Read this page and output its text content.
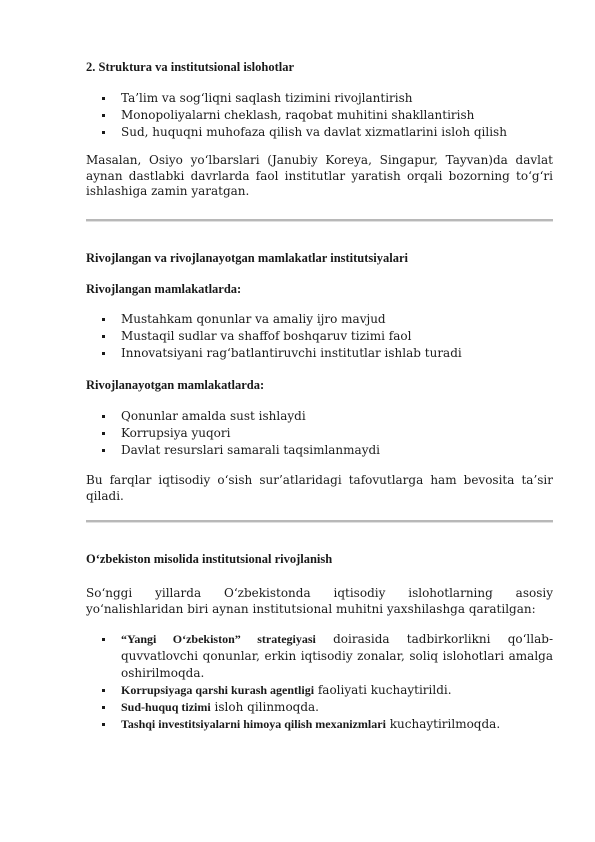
2. Struktura va institutsional islohotlar
Ta’lim va sog‘liqni saqlash tizimini rivojlantirish
Monopoliyalarni cheklash, raqobat muhitini shakllantirish
Sud, huquqni muhofaza qilish va davlat xizmatlarini isloh qilish

Masalan, Osiyo yo‘lbarslari (Janubiy Koreya, Singapur, Tayvan)da davlat aynan dastlabki davrlarda faol institutlar yaratish orqali bozorning to‘g‘ri ishlashiga zamin yaratgan.

Rivojlangan va rivojlanayotgan mamlakatlar institutsiyalari
Rivojlangan mamlakatlarda:
Mustahkam qonunlar va amaliy ijro mavjud
Mustaqil sudlar va shaffof boshqaruv tizimi faol
Innovatsiyani rag‘batlantiruvchi institutlar ishlab turadi
Rivojlanayotgan mamlakatlarda:
Qonunlar amalda sust ishlaydi
Korrupsiya yuqori
Davlat resurslari samarali taqsimlanmaydi

Bu farqlar iqtisodiy o‘sish sur’atlaridagi tafovutlarga ham bevosita ta’sir qiladi.

O‘zbekiston misolida institutsional rivojlanish

So‘nggi yillarda O‘zbekistonda iqtisodiy islohotlarning asosiy yo‘nalishlaridan biri aynan institutsional muhitni yaxshilashga qaratilgan:

“Yangi O‘zbekiston” strategiyasi doirasida tadbirkorlikni qo‘llab-quvvatlovchi qonunlar, erkin iqtisodiy zonalar, soliq islohotlari amalga oshirilmoqda.
Korrupsiyaga qarshi kurash agentligi faoliyati kuchaytirildi.
Sud-huquq tizimi isloh qilinmoqda.
Tashqi investitsiyalarni himoya qilish mexanizmlari kuchaytirilmoqda.
